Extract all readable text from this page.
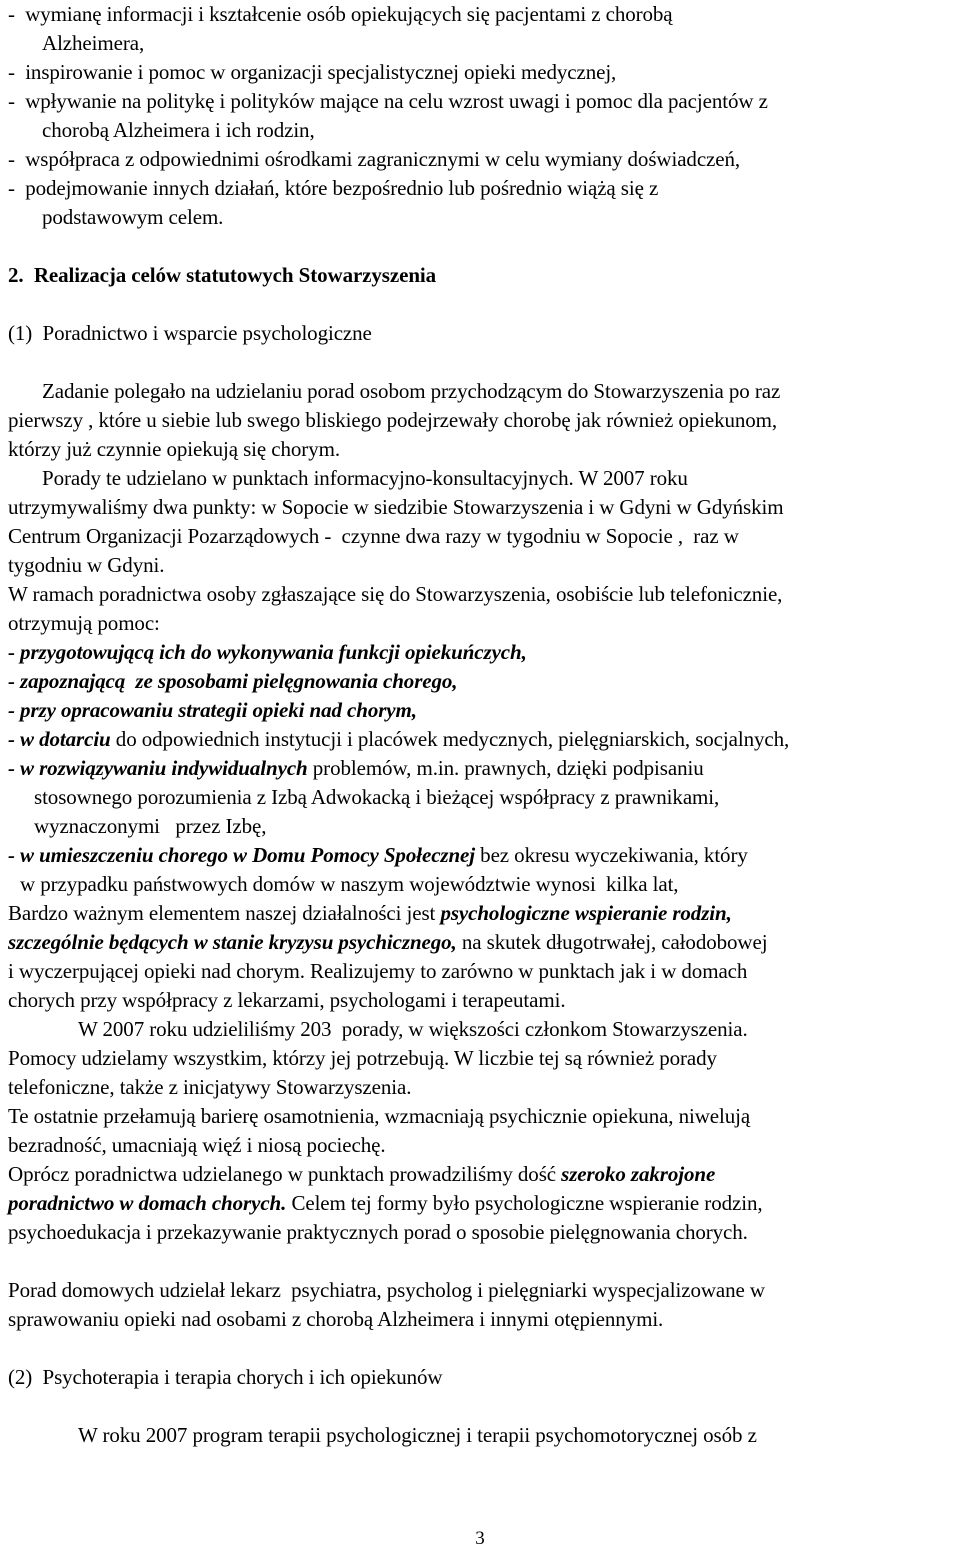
-  wymianę informacji i kształcenie osób opiekujących się pacjentami z chorobą
Alzheimera,
-  inspirowanie i pomoc w organizacji specjalistycznej opieki medycznej,
-  wpływanie na politykę i polityków mające na celu wzrost uwagi i pomoc dla pacjentów z
chorobą Alzheimera i ich rodzin,
-  współpraca z odpowiednimi ośrodkami zagranicznymi w celu wymiany doświadczeń,
-  podejmowanie innych działań, które bezpośrednio lub pośrednio wiążą się z
podstawowym celem.
2.  Realizacja celów statutowych Stowarzyszenia
(1)  Poradnictwo i wsparcie psychologiczne
Zadanie polegało na udzielaniu porad osobom przychodzącym do Stowarzyszenia po raz
pierwszy , które u siebie lub swego bliskiego podejrzewały chorobę jak również opiekunom,
którzy już czynnie opiekują się chorym.
Porady te udzielano w punktach informacyjno-konsultacyjnych. W 2007 roku
utrzymywaliśmy dwa punkty: w Sopocie w siedzibie Stowarzyszenia i w Gdyni w Gdyńskim
Centrum Organizacji Pozarządowych -  czynne dwa razy w tygodniu w Sopocie ,  raz w
tygodniu w Gdyni.
W ramach poradnictwa osoby zgłaszające się do Stowarzyszenia, osobiście lub telefonicznie,
otrzymują pomoc:
- przygotowującą ich do wykonywania funkcji opiekuńczych,
- zapoznającą  ze sposobami pielęgnowania chorego,
- przy opracowaniu strategii opieki nad chorym,
- w dotarciu do odpowiednich instytucji i placówek medycznych, pielęgniarskich, socjalnych,
- w rozwiązywaniu indywidualnych problemów, m.in. prawnych, dzięki podpisaniu
stosownego porozumienia z Izbą Adwokacką i bieżącej współpracy z prawnikami,
wyznaczonymi   przez Izbę,
- w umieszczeniu chorego w Domu Pomocy Społecznej bez okresu wyczekiwania, który
w przypadku państwowych domów w naszym województwie wynosi  kilka lat,
Bardzo ważnym elementem naszej działalności jest psychologiczne wspieranie rodzin,
szczególnie będących w stanie kryzysu psychicznego, na skutek długotrwałej, całodobowej
i wyczerpującej opieki nad chorym. Realizujemy to zarówno w punktach jak i w domach
chorych przy współpracy z lekarzami, psychologami i terapeutami.
W 2007 roku udzieliliśmy 203  porady, w większości członkom Stowarzyszenia.
Pomocy udzielamy wszystkim, którzy jej potrzebują. W liczbie tej są również porady
telefoniczne, także z inicjatywy Stowarzyszenia.
Te ostatnie przełamują barierę osamotnienia, wzmacniają psychicznie opiekuna, niwelują
bezradność, umacniają więź i niosą pociechę.
Oprócz poradnictwa udzielanego w punktach prowadziliśmy dość szeroko zakrojone
poradnictwo w domach chorych. Celem tej formy było psychologiczne wspieranie rodzin,
psychoedukacja i przekazywanie praktycznych porad o sposobie pielęgnowania chorych.
Porad domowych udzielał lekarz  psychiatra, psycholog i pielęgniarki wyspecjalizowane w
sprawowaniu opieki nad osobami z chorobą Alzheimera i innymi otępiennymi.
(2)  Psychoterapia i terapia chorych i ich opiekunów
W roku 2007 program terapii psychologicznej i terapii psychomotorycznej osób z
3
